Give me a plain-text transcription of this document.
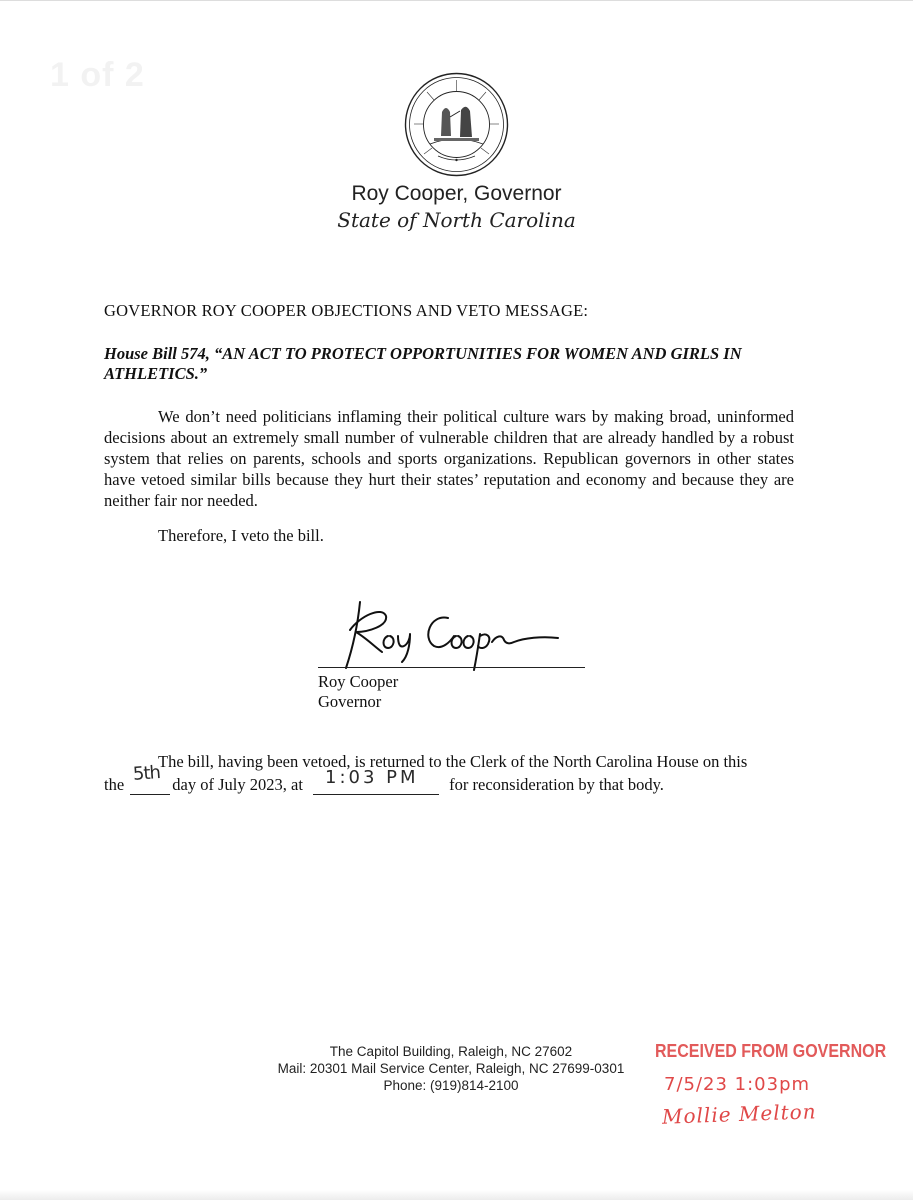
1 of 2
Roy Cooper, Governor
State of North Carolina
GOVERNOR ROY COOPER OBJECTIONS AND VETO MESSAGE:
House Bill 574, “AN ACT TO PROTECT OPPORTUNITIES FOR WOMEN AND GIRLS IN ATHLETICS.”
We don’t need politicians inflaming their political culture wars by making broad, uninformed decisions about an extremely small number of vulnerable children that are already handled by a robust system that relies on parents, schools and sports organizations. Republican governors in other states have vetoed similar bills because they hurt their states’ reputation and economy and because they are neither fair nor needed.
Therefore, I veto the bill.
Roy Cooper
Governor
The bill, having been vetoed, is returned to the Clerk of the North Carolina House on this
the 5th day of July 2023, at 1:03 PM for reconsideration by that body.
The Capitol Building, Raleigh, NC 27602
Mail: 20301 Mail Service Center, Raleigh, NC 27699-0301
Phone: (919)814-2100
RECEIVED FROM GOVERNOR
7/5/23 1:03pm
Mollie Melton
